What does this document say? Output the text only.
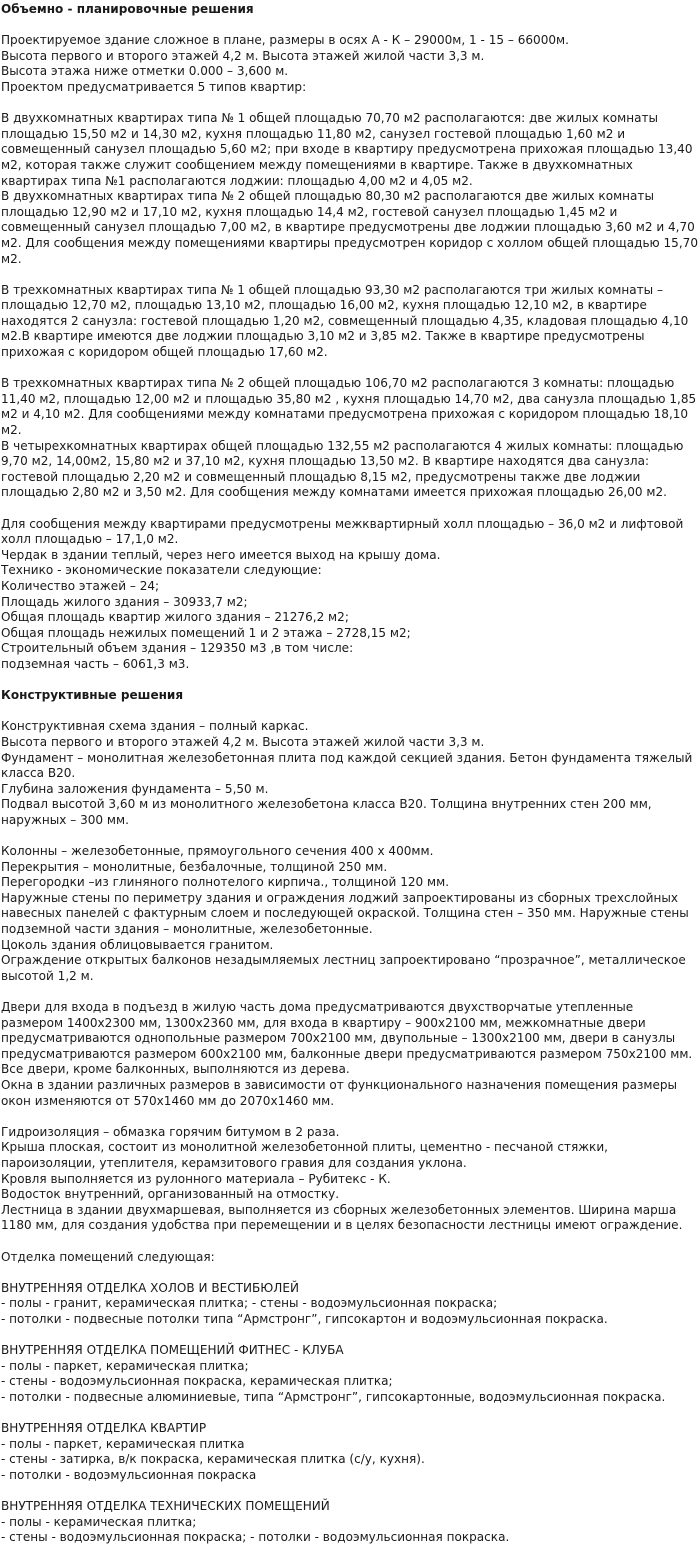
Объемно - планировочные решения

Проектируемое здание сложное в плане, размеры в осях А - К – 29000м, 1 - 15 – 66000м.

Высота первого и второго этажей 4,2 м. Высота этажей жилой части 3,3 м.

Высота этажа ниже отметки 0.000 – 3,600 м.

Проектом предусматривается 5 типов квартир:

В двухкомнатных квартирах типа № 1 общей площадью 70,70 м2 располагаются: две жилых комнаты площадью 15,50 м2 и 14,30 м2, кухня площадью 11,80 м2, санузел гостевой площадью 1,60 м2 и совмещенный санузел площадью 5,60 м2; при входе в квартиру предусмотрена прихожая площадью 13,40 м2, которая также служит сообщением между помещениями в квартире. Также в двухкомнатных квартирах типа №1 располагаются лоджии: площадью 4,00 м2 и 4,05 м2.

В двухкомнатных квартирах типа № 2 общей площадью 80,30 м2 располагаются две жилых комнаты площадью 12,90 м2 и 17,10 м2, кухня площадью 14,4 м2, гостевой санузел площадью 1,45 м2 и совмещенный санузел площадью 7,00 м2, в квартире предусмотрены две лоджии площадью 3,60 м2 и 4,70 м2. Для сообщения между помещениями квартиры предусмотрен коридор с холлом общей площадью 15,70 м2.

В трехкомнатных квартирах типа № 1 общей площадью 93,30 м2 располагаются три жилых комнаты – площадью 12,70 м2, площадью 13,10 м2, площадью 16,00 м2, кухня площадью 12,10 м2, в квартире находятся 2 санузла: гостевой площадью 1,20 м2, совмещенный площадью 4,35, кладовая площадью 4,10 м2.В квартире имеются две лоджии площадью 3,10 м2 и 3,85 м2. Также в квартире предусмотрены прихожая с коридором общей площадью 17,60 м2.

В трехкомнатных квартирах типа № 2 общей площадью 106,70 м2 располагаются 3 комнаты: площадью 11,40 м2, площадью 12,00 м2 и площадью 35,80 м2 , кухня площадью 14,70 м2, два санузла площадью 1,85 м2 и 4,10 м2. Для сообщениями между комнатами предусмотрена прихожая с коридором площадью 18,10 м2.

В четырехкомнатных квартирах общей площадью 132,55 м2 располагаются 4 жилых комнаты: площадью 9,70 м2, 14,00м2, 15,80 м2 и 37,10 м2, кухня площадью 13,50 м2. В квартире находятся два санузла: гостевой площадью 2,20 м2 и совмещенный площадью 8,15 м2, предусмотрены также две лоджии площадью 2,80 м2 и 3,50 м2. Для сообщения между комнатами имеется прихожая площадью 26,00 м2.

Для сообщения между квартирами предусмотрены межквартирный холл площадью – 36,0 м2 и лифтовой холл площадью – 17,1,0 м2.

Чердак в здании теплый, через него имеется выход на крышу дома.

Технико - экономические показатели следующие:

Количество этажей – 24;

Площадь жилого здания – 30933,7 м2;

Общая площадь квартир жилого здания – 21276,2 м2;

Общая площадь нежилых помещений 1 и 2 этажа – 2728,15 м2;

Строительный объем здания – 129350 м3 ,в том числе:

подземная часть – 6061,3 м3.

Конструктивные решения

Конструктивная схема здания – полный каркас.

Высота первого и второго этажей 4,2 м. Высота этажей жилой части 3,3 м.

Фундамент – монолитная железобетонная плита под каждой секцией здания. Бетон фундамента тяжелый класса В20.

Глубина заложения фундамента – 5,50 м.

Подвал высотой 3,60 м из монолитного железобетона класса В20. Толщина внутренних стен 200 мм, наружных – 300 мм.

Колонны – железобетонные, прямоугольного сечения 400 х 400мм.

Перекрытия – монолитные, безбалочные, толщиной 250 мм.

Перегородки –из глиняного полнотелого кирпича., толщиной 120 мм.

Наружные стены по периметру здания и ограждения лоджий запроектированы из сборных трехслойных навесных панелей с фактурным слоем и последующей окраской. Толщина стен – 350 мм. Наружные стены подземной части здания – монолитные, железобетонные.

Цоколь здания облицовывается гранитом.

Ограждение открытых балконов незадымляемых лестниц запроектировано “прозрачное”, металлическое высотой 1,2 м.

Двери для входа в подъезд в жилую часть дома предусматриваются двухстворчатые утепленные размером 1400х2300 мм, 1300х2360 мм, для входа в квартиру – 900х2100 мм, межкомнатные двери предусматриваются однопольные размером 700х2100 мм, двупольные – 1300х2100 мм, двери в санузлы предусматриваются размером 600х2100 мм, балконные двери предусматриваются размером 750х2100 мм. Все двери, кроме балконных, выполняются из дерева.

Окна в здании различных размеров в зависимости от функционального назначения помещения размеры окон изменяются от 570х1460 мм до 2070х1460 мм.

Гидроизоляция – обмазка горячим битумом в 2 раза.

Крыша плоская, состоит из монолитной железобетонной плиты, цементно - песчаной стяжки, пароизоляции, утеплителя, керамзитового гравия для создания уклона.

Кровля выполняется из рулонного материала – Рубитекс - К.

Водосток внутренний, организованный на отмостку.

Лестница в здании двухмаршевая, выполняется из сборных железобетонных элементов. Ширина марша 1180 мм, для создания удобства при перемещении и в целях безопасности лестницы имеют ограждение.

Отделка помещений следующая:

ВНУТРЕННЯЯ ОТДЕЛКА ХОЛОВ И ВЕСТИБЮЛЕЙ

- полы - гранит, керамическая плитка; - стены - водоэмульсионная покраска;

- потолки - подвесные потолки типа “Армстронг”, гипсокартон и водоэмульсионная покраска.

ВНУТРЕННЯЯ ОТДЕЛКА ПОМЕЩЕНИЙ ФИТНЕС - КЛУБА

- полы - паркет, керамическая плитка;

- стены - водоэмульсионная покраска, керамическая плитка;

- потолки - подвесные алюминиевые, типа “Армстронг”, гипсокартонные, водоэмульсионная покраска.

ВНУТРЕННЯЯ ОТДЕЛКА КВАРТИР

- полы - паркет, керамическая плитка

- стены - затирка, в/к покраска, керамическая плитка (с/у, кухня).

- потолки - водоэмульсионная покраска

ВНУТРЕННЯЯ ОТДЕЛКА ТЕХНИЧЕСКИХ ПОМЕЩЕНИЙ

- полы - керамическая плитка;

- стены - водоэмульсионная покраска; - потолки - водоэмульсионная покраска.
